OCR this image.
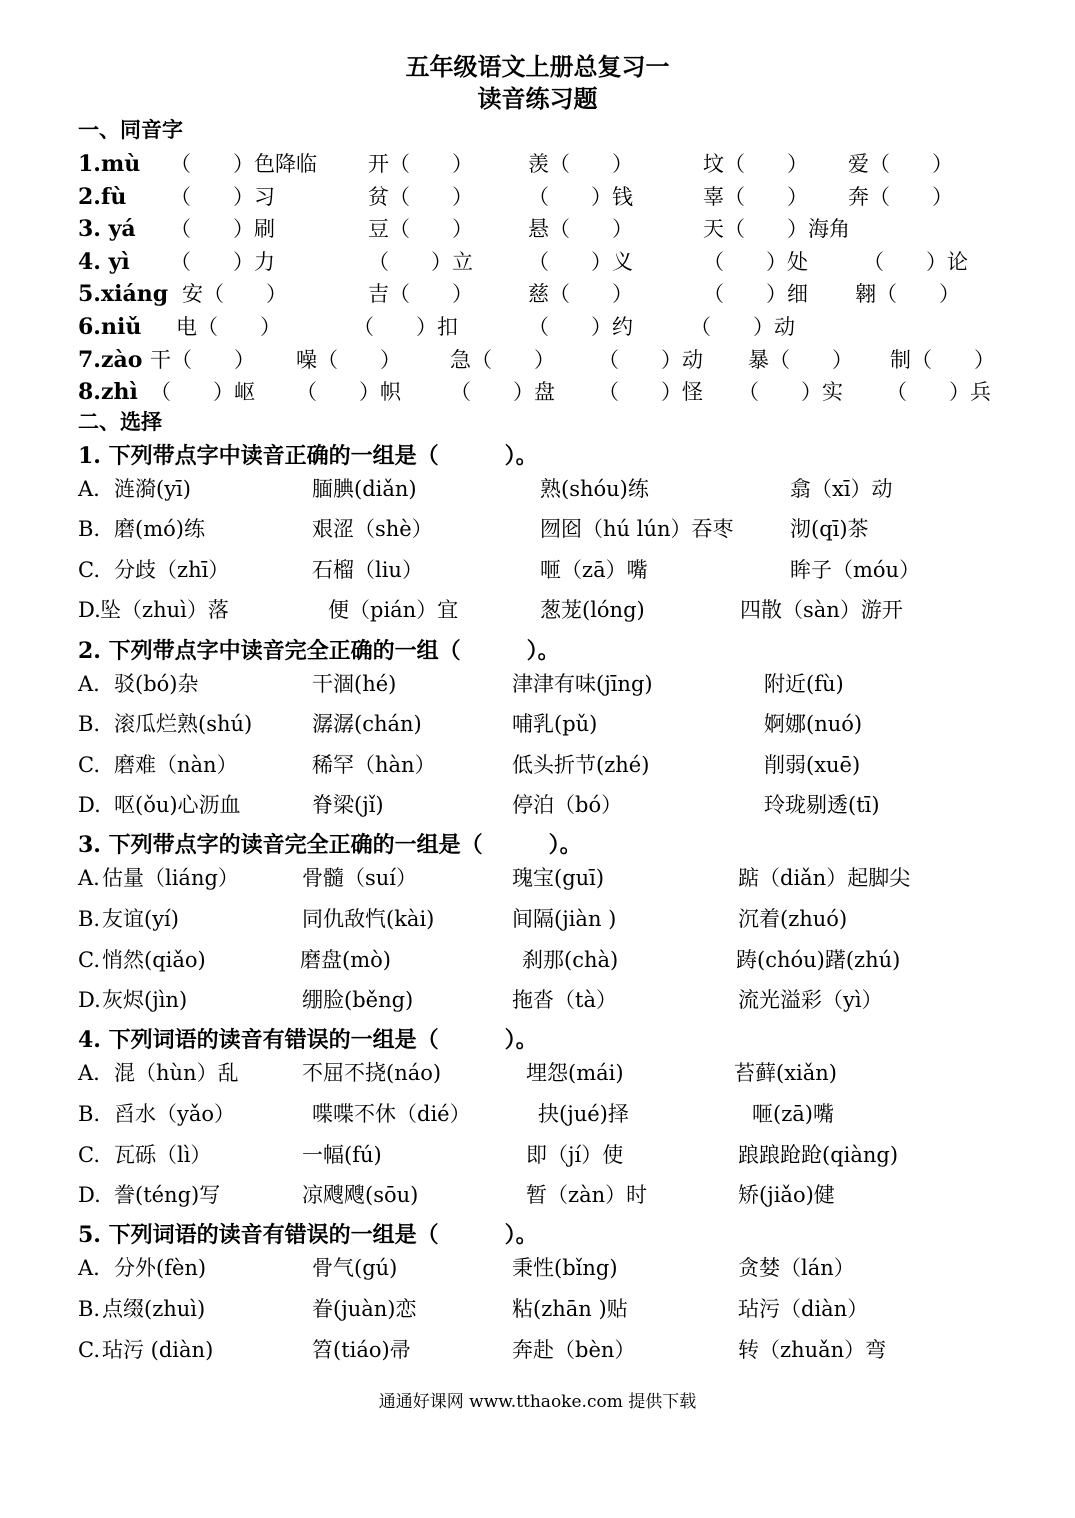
五年级语文上册总复习一
读音练习题
一、同音字
1.mù （　　）色降临 开（　　）	羡（　　）	坟（　　） 爱（　　）
2.fù （　　）习	贫（　　）	（　　）钱	辜（　　） 奔（　　）
3. yá （　　）刷	豆（　　）	悬（　　）	天（　　）海角
4. yì （　　）力	（　　）立	（　　）义	（　　）处	（　　）论
5.xiáng 安（　　）	吉（　　）	慈（　　）	（　　）细 翱（　　）
6.niǔ 电（　　）	（　　）扣	（　　）约	（　　）动
7.zào 干（　　） 噪（　　） 急（　　） （　　）动 暴（　　） 制（　　）
8.zhì （　　）岖 （　　）帜 （　　）盘 （　　）怪 （　　）实 （　　）兵
二、选择
1. 下列带点字中读音正确的一组是（　　　）。
A. 涟漪(yī)	腼腆(diǎn)	熟(shóu)练	翕（xī）动
B. 磨(mó)练	艰涩（shè）	囫囵（hú lún）吞枣	沏(qī)茶
C. 分歧（zhī）	石榴（liu）	咂（zā）嘴	眸子（móu）
D. 坠（zhuì）落	便（pián）宜	葱茏(lóng)	四散（sàn）游开
2. 下列带点字中读音完全正确的一组（　　　）。
A. 驳(bó)杂	干涸(hé)	津津有味(jīng)	附近(fù)
B. 滚瓜烂熟(shú)	潺潺(chán)	哺乳(pǔ)	婀娜(nuó)
C. 磨难（nàn）	稀罕（hàn）	低头折节(zhé)	削弱(xuē)
D. 呕(ǒu)心沥血	脊梁(jǐ)	停泊（bó）	玲珑剔透(tī)
3. 下列带点字的读音完全正确的一组是（　　　）。
A. 估量（liáng）	骨髓（suí）	瑰宝(guī)	踮（diǎn）起脚尖
B. 友谊(yí)	同仇敌忾(kài)	间隔(jiàn )	沉着(zhuó)
C. 悄然(qiǎo)	磨盘(mò)	刹那(chà)	踌(chóu)躇(zhú)
D. 灰烬(jìn)	绷脸(běng)	拖沓（tà）	流光溢彩（yì）
4. 下列词语的读音有错误的一组是（　　　）。
A. 混（hùn）乱	不屈不挠(náo)	埋怨(mái)	苔藓(xiǎn)
B. 舀水（yǎo）	喋喋不休（dié）	抉(jué)择	咂(zā)嘴
C. 瓦砾（lì）	一幅(fú)	即（jí）使	踉踉跄跄(qiàng)
D. 誊(téng)写	凉飕飕(sōu)	暂（zàn）时	矫(jiǎo)健
5. 下列词语的读音有错误的一组是（　　　）。
A. 分外(fèn)	骨气(gú)	秉性(bǐng)	贪婪（lán）
B. 点缀(zhuì)	眷(juàn)恋	粘(zhān )贴	玷污（diàn）
C. 玷污 (diàn)	笤(tiáo)帚	奔赴（bèn）	转（zhuǎn）弯
通通好课网 www.tthaoke.com 提供下载
